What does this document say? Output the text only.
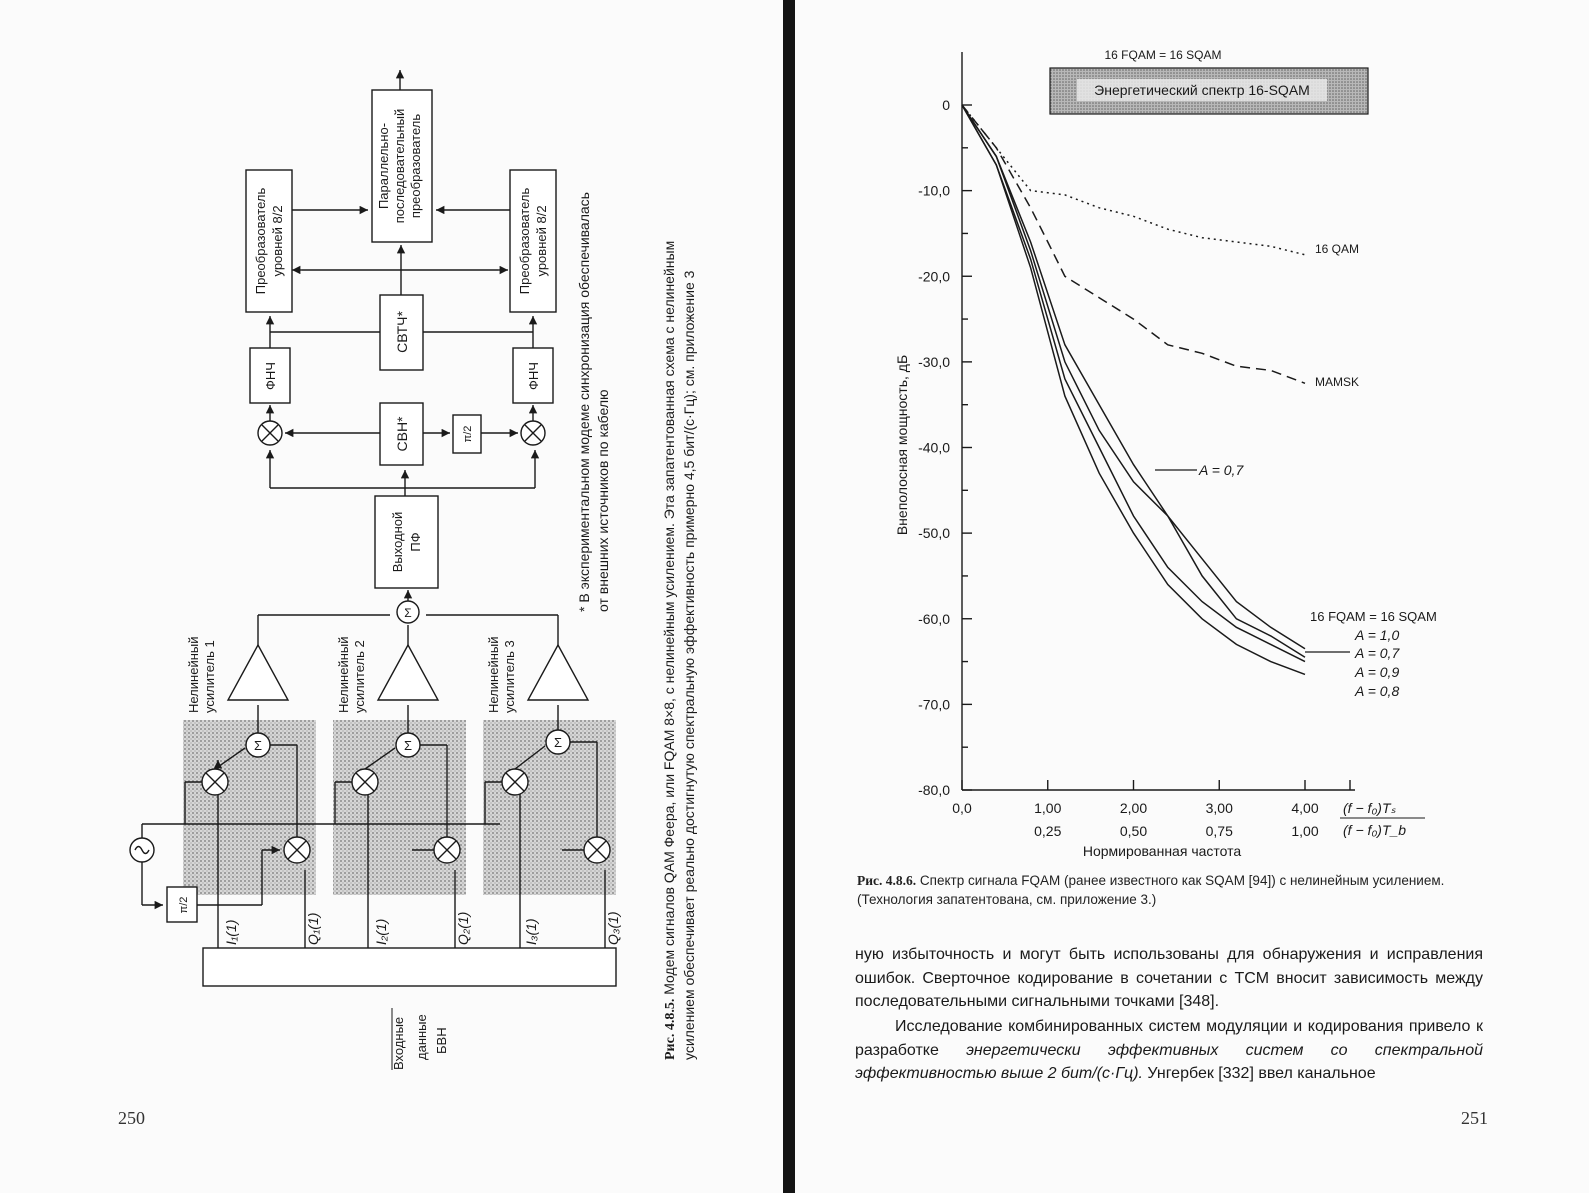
Σ	Σ	Σ
Σ
π/2
π/2
Выходной ПФ
СВН*
СВТЧ*
ФНЧ	ФНЧ
Преобразователь уровней 8/2	Преобразователь уровней 8/2
Параллельно- последовательный преобразователь
Нелинейный усилитель 1	Нелинейный усилитель 2	Нелинейный усилитель 3
I₁(1)	Q₁(1)	I₂(1)	Q₂(1)	I₃(1)	Q₃(1)
Входные данные БВН
* В экспериментальном модеме синхронизация обеспечивалась от внешних источников по кабелю
Рис. 4.8.5. Модем сигналов QAM Феера, или FQAM 8×8, с нелинейным усилением. Эта запатентованная схема с нелинейным усилением обеспечивает реально достигнутую спектральную эффективность примерно 4,5 бит/(с·Гц); см. приложение 3
250
0
-10,0
-20,0
-30,0
-40,0
-50,0
-60,0
-70,0
-80,0
0,0	1,00	2,00	3,00	4,00
0,25	0,50	0,75	1,00
16 FQAM = 16 SQAM
Энергетический спектр 16-SQAM
Внеполосная мощность, дБ
Нормированная частота
(f − f₀)Tₛ
(f − f₀)T_b
16 QAM
MAMSK
A = 0,7
16 FQAM = 16 SQAM
A = 1,0
A = 0,7
A = 0,9
A = 0,8
Рис. 4.8.6. Спектр сигнала FQAM (ранее известного как SQAM [94]) с нелинейным усилением. (Технология запатентована, см. приложение 3.)

ную избыточность и могут быть использованы для обнаружения и исправления ошибок. Сверточное кодирование в сочетании с TCM вносит зависимость между последовательными сигнальными точками [348].

Исследование комбинированных систем модуляции и кодирования привело к разработке энергетически эффективных систем со спектральной эффективностью выше 2 бит/(с·Гц). Унгербек [332] ввел канальное

251
